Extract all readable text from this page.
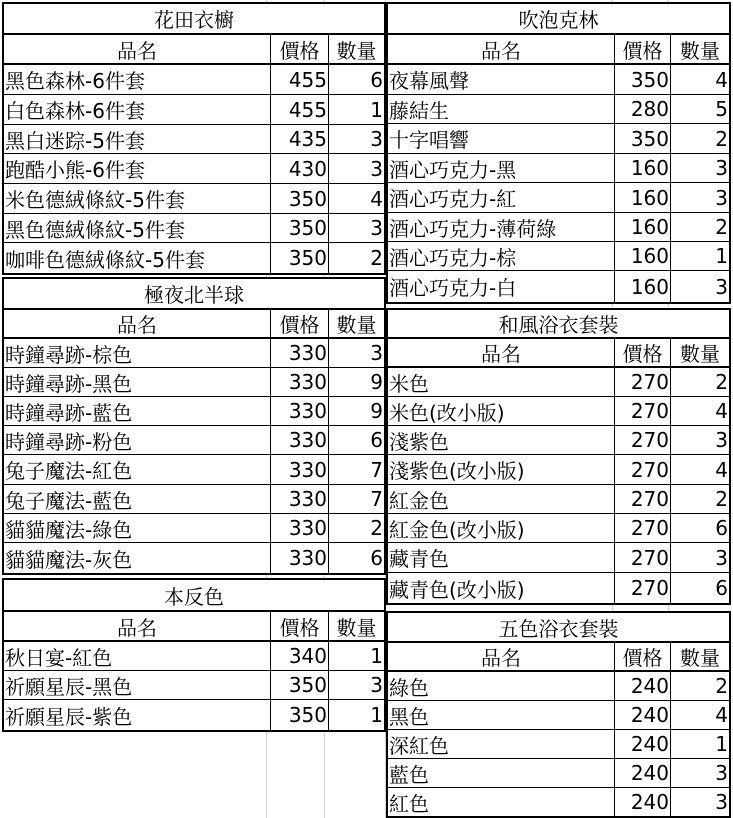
花田衣櫥
品名	價格 數量
黑色森林-6件套	455	6
白色森林-6件套	455	1
黑白迷踪-5件套	435	3
跑酷小熊-6件套	430	3
米色德絨條紋-5件套	350	4
黑色德絨條紋-5件套	350	3
咖啡色德絨條紋-5件套	350	2
極夜北半球
品名	價格 數量
時鐘尋跡-棕色	330	3
時鐘尋跡-黑色	330	9
時鐘尋跡-藍色	330	9
時鐘尋跡-粉色	330	6
兔子魔法-紅色	330	7
兔子魔法-藍色	330	7
貓貓魔法-綠色	330	2
貓貓魔法-灰色	330	6
本反色
品名	價格 數量
秋日宴-紅色	340	1
祈願星辰-黑色	350	3
祈願星辰-紫色	350	1
吹泡克林
品名	價格 數量
夜幕風聲	350	4
藤結生	280	5
十字唱響	350	2
酒心巧克力-黑	160	3
酒心巧克力-紅	160	3
酒心巧克力-薄荷綠	160	2
酒心巧克力-棕	160	1
酒心巧克力-白	160	3
和風浴衣套裝
品名	價格 數量
米色	270	2
米色(改小版)	270	4
淺紫色	270	3
淺紫色(改小版)	270	4
紅金色	270	2
紅金色(改小版)	270	6
藏青色	270	3
藏青色(改小版)	270	6
五色浴衣套裝
品名	價格 數量
綠色	240	2
黑色	240	4
深紅色	240	1
藍色	240	3
紅色	240	3
